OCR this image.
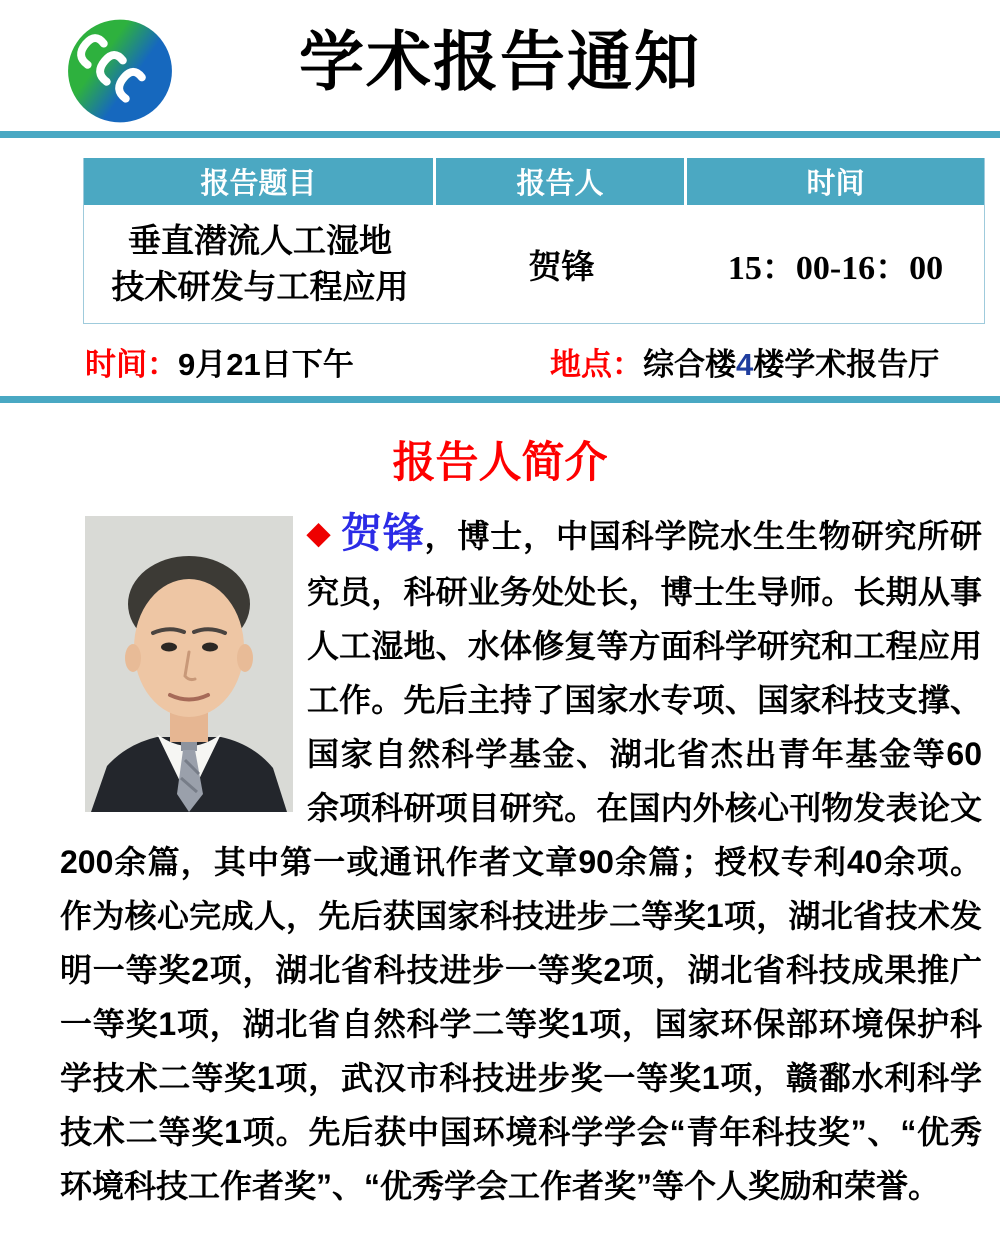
学术报告通知
报告题目	报告人	时间
垂直潜流人工湿地
技术研发与工程应用
贺锋	15：00-16：00
时间：9月21日下午	地点：综合楼4楼学术报告厅
报告人简介

◆ 贺锋，博士，中国科学院水生生物研究所研究员，科研业务处处长，博士生导师。长期从事人工湿地、水体修复等方面科学研究和工程应用工作。先后主持了国家水专项、国家科技支撑、国家自然科学基金、湖北省杰出青年基金等60余项科研项目研究。在国内外核心刊物发表论文200余篇，其中第一或通讯作者文章90余篇；授权专利40余项。作为核心完成人，先后获国家科技进步二等奖1项，湖北省技术发明一等奖2项，湖北省科技进步一等奖2项，湖北省科技成果推广一等奖1项，湖北省自然科学二等奖1项，国家环保部环境保护科学技术二等奖1项，武汉市科技进步奖一等奖1项，赣鄱水利科学技术二等奖1项。先后获中国环境科学学会“青年科技奖”、“优秀环境科技工作者奖”、“优秀学会工作者奖”等个人奖励和荣誉。
